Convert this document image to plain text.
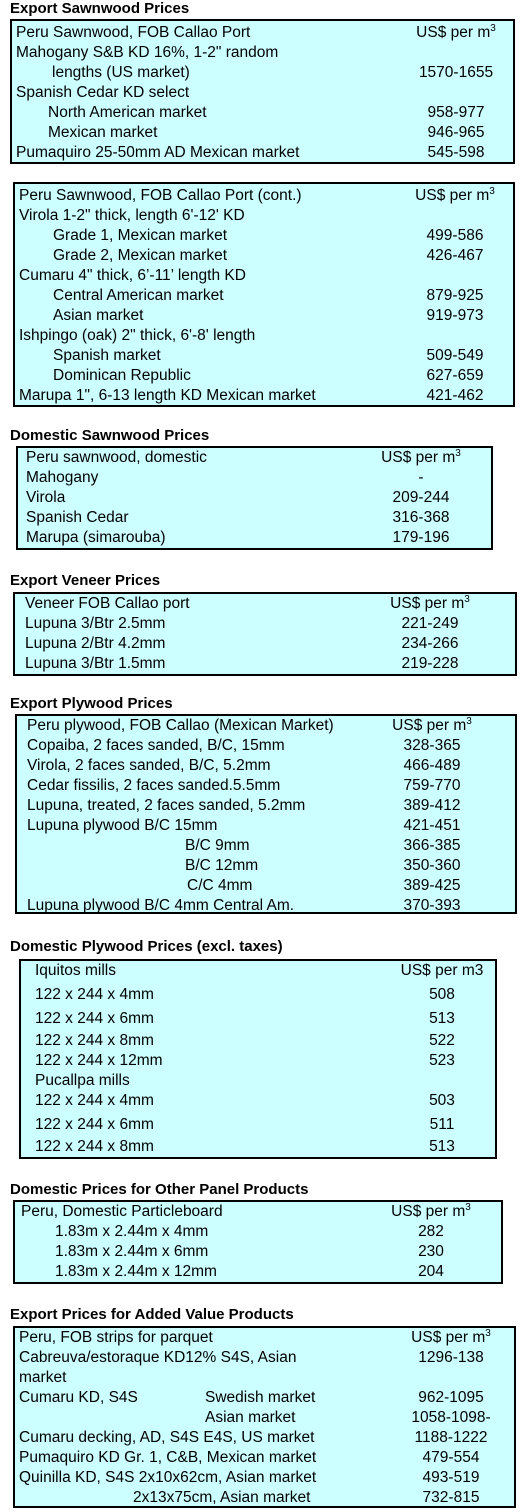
Export Sawnwood Prices
Peru Sawnwood, FOB Callao Port	US$ per $m^3$
Mahogany S&B KD 16%, 1-2" random
lengths (US market)	1570-1655
Spanish Cedar KD select
North American market	958-977
Mexican market	946-965
Pumaquiro 25-50mm AD Mexican market	545-598
Peru Sawnwood, FOB Callao Port (cont.)	US$ per $m^3$
Virola 1-2" thick, length 6'-12' KD
Grade 1, Mexican market	499-586
Grade 2, Mexican market	426-467
Cumaru 4" thick, 6’-11’ length KD
Central American market	879-925
Asian market	919-973
Ishpingo (oak) 2" thick, 6'-8' length
Spanish market	509-549
Dominican Republic	627-659
Marupa 1", 6-13 length KD Mexican market	421-462
Domestic Sawnwood Prices
Peru sawnwood, domestic	US$ per $m^3$
Mahogany	-
Virola	209-244
Spanish Cedar	316-368
Marupa (simarouba)	179-196
Export Veneer Prices
Veneer FOB Callao port	US$ per $m^3$
Lupuna 3/Btr 2.5mm	221-249
Lupuna 2/Btr 4.2mm	234-266
Lupuna 3/Btr 1.5mm	219-228
Export Plywood Prices
Peru plywood, FOB Callao (Mexican Market)	US$ per $m^3$
Copaiba, 2 faces sanded, B/C, 15mm	328-365
Virola, 2 faces sanded, B/C, 5.2mm	466-489
Cedar fissilis, 2 faces sanded.5.5mm	759-770
Lupuna, treated, 2 faces sanded, 5.2mm	389-412
Lupuna plywood B/C 15mm	421-451
B/C 9mm	366-385
B/C 12mm	350-360
C/C 4mm	389-425
Lupuna plywood B/C 4mm Central Am.	370-393
Domestic Plywood Prices (excl. taxes)
Iquitos mills	US$ per m3
122 x 244 x 4mm	508
122 x 244 x 6mm	513
122 x 244 x 8mm	522
122 x 244 x 12mm	523
Pucallpa mills
122 x 244 x 4mm	503
122 x 244 x 6mm	511
122 x 244 x 8mm	513
Domestic Prices for Other Panel Products
Peru, Domestic Particleboard	US$ per $m^3$
1.83m x 2.44m x 4mm	282
1.83m x 2.44m x 6mm	230
1.83m x 2.44m x 12mm	204
Export Prices for Added Value Products
Peru, FOB strips for parquet	US$ per $m^3$
Cabreuva/estoraque KD12% S4S, Asian	1296-138
market
Cumaru KD, S4S	Swedish market	962-1095
Asian market	1058-1098-
Cumaru decking, AD, S4S E4S, US market	1188-1222
Pumaquiro KD Gr. 1, C&B, Mexican market	479-554
Quinilla KD, S4S 2x10x62cm, Asian market	493-519
2x13x75cm, Asian market	732-815
